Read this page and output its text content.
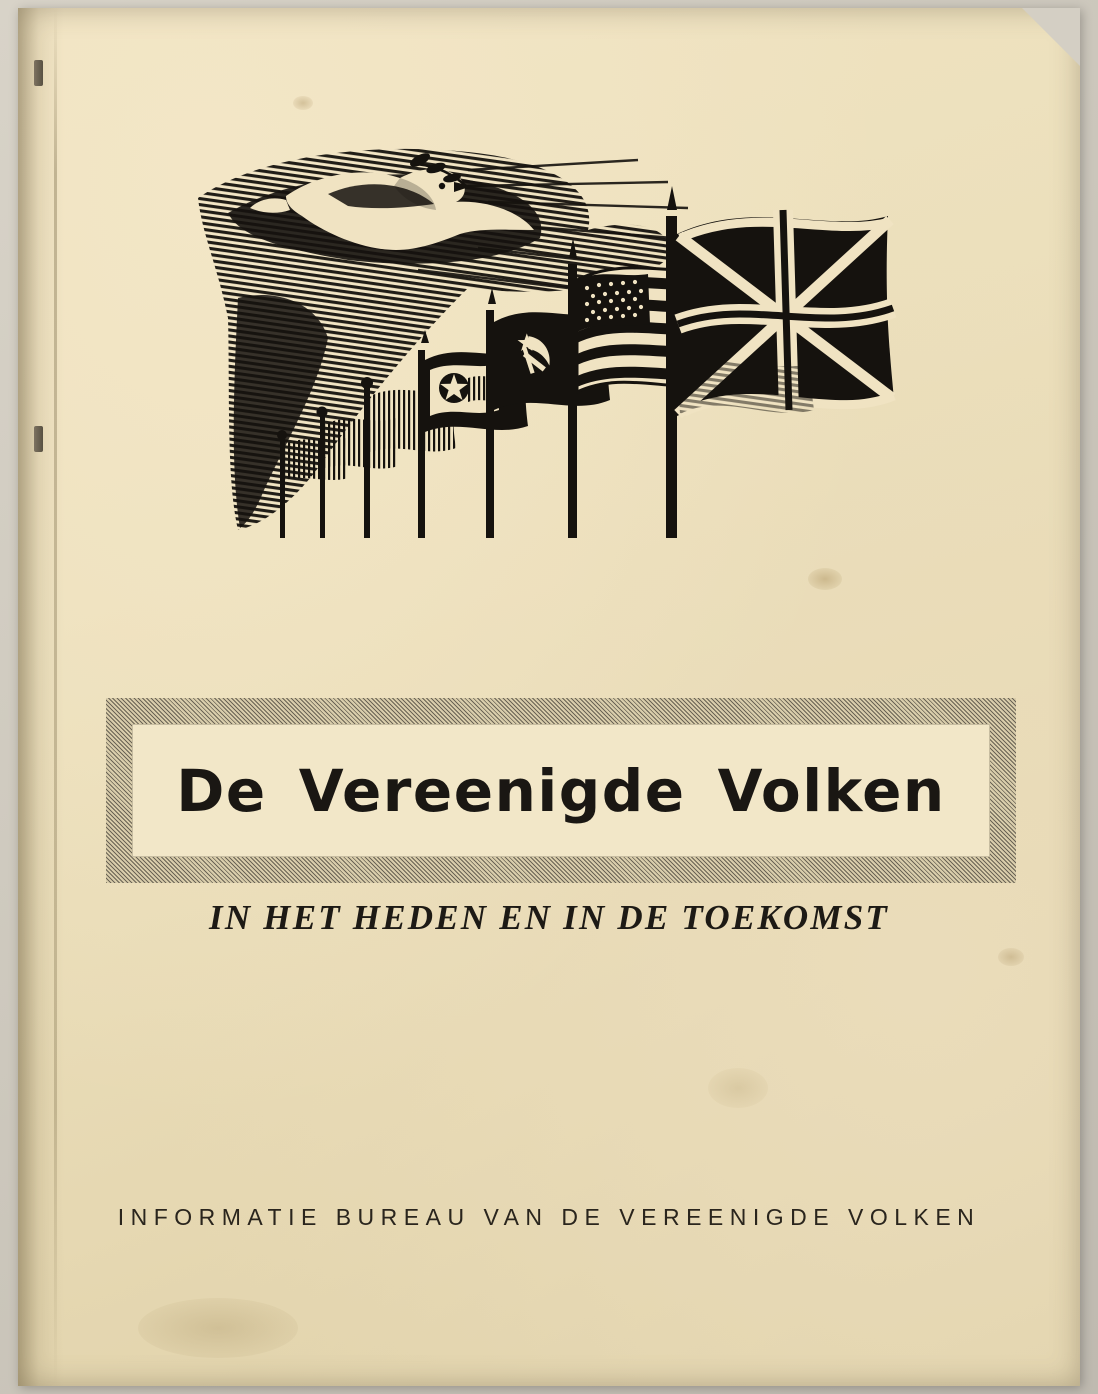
De Vereenigde Volken
IN HET HEDEN EN IN DE TOEKOMST
INFORMATIE BUREAU VAN DE VEREENIGDE VOLKEN
